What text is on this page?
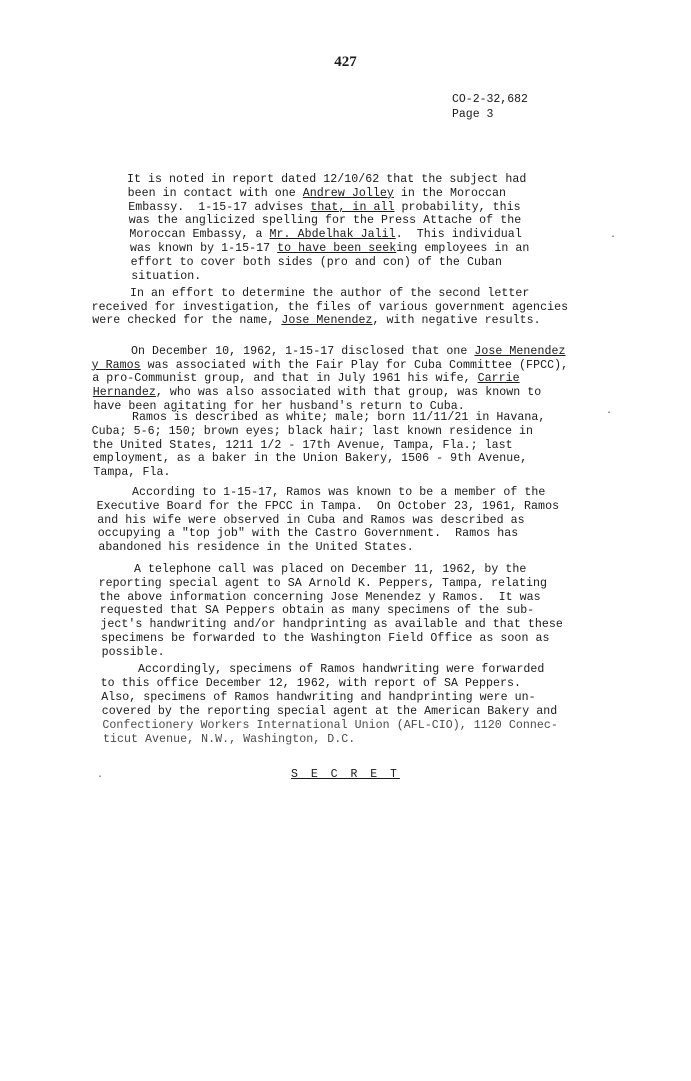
427
CO-2-32,682
Page 3
It is noted in report dated 12/10/62 that the subject had
been in contact with one Andrew Jolley in the Moroccan
Embassy.  1-15-17 advises that, in all probability, this
was the anglicized spelling for the Press Attache of the
Moroccan Embassy, a Mr. Abdelhak Jalil.  This individual
was known by 1-15-17 to have been seeking employees in an
effort to cover both sides (pro and con) of the Cuban
situation.
In an effort to determine the author of the second letter
received for investigation, the files of various government agencies
were checked for the name, Jose Menendez, with negative results.
On December 10, 1962, 1-15-17 disclosed that one Jose Menendez
y Ramos was associated with the Fair Play for Cuba Committee (FPCC),
a pro-Communist group, and that in July 1961 his wife, Carrie
Hernandez, who was also associated with that group, was known to
have been agitating for her husband's return to Cuba.
Ramos is described as white; male; born 11/11/21 in Havana,
Cuba; 5-6; 150; brown eyes; black hair; last known residence in
the United States, 1211 1/2 - 17th Avenue, Tampa, Fla.; last
employment, as a baker in the Union Bakery, 1506 - 9th Avenue,
Tampa, Fla.
According to 1-15-17, Ramos was known to be a member of the
Executive Board for the FPCC in Tampa.  On October 23, 1961, Ramos
and his wife were observed in Cuba and Ramos was described as
occupying a "top job" with the Castro Government.  Ramos has
abandoned his residence in the United States.
A telephone call was placed on December 11, 1962, by the
reporting special agent to SA Arnold K. Peppers, Tampa, relating
the above information concerning Jose Menendez y Ramos.  It was
requested that SA Peppers obtain as many specimens of the sub-
ject's handwriting and/or handprinting as available and that these
specimens be forwarded to the Washington Field Office as soon as
possible.
Accordingly, specimens of Ramos handwriting were forwarded
to this office December 12, 1962, with report of SA Peppers.
Also, specimens of Ramos handwriting and handprinting were un-
covered by the reporting special agent at the American Bakery and
Confectionery Workers International Union (AFL-CIO), 1120 Connec-
ticut Avenue, N.W., Washington, D.C.
S E C R E T
·
·
·
